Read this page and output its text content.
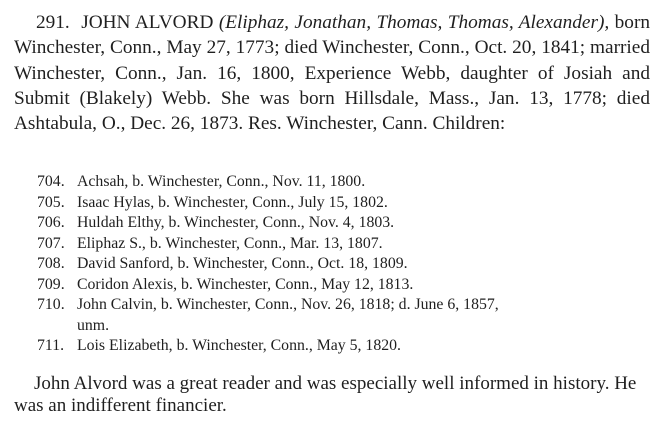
291. JOHN ALVORD (Eliphaz, Jonathan, Thomas, Thomas, Alexander), born Winchester, Conn., May 27, 1773; died Winchester, Conn., Oct. 20, 1841; married Winchester, Conn., Jan. 16, 1800, Experience Webb, daughter of Josiah and Submit (Blakely) Webb. She was born Hillsdale, Mass., Jan. 13, 1778; died Ashtabula, O., Dec. 26, 1873. Res. Winchester, Cann. Children:

704. Achsah, b. Winchester, Conn., Nov. 11, 1800.
705. Isaac Hylas, b. Winchester, Conn., July 15, 1802.
706. Huldah Elthy, b. Winchester, Conn., Nov. 4, 1803.
707. Eliphaz S., b. Winchester, Conn., Mar. 13, 1807.
708. David Sanford, b. Winchester, Conn., Oct. 18, 1809.
709. Coridon Alexis, b. Winchester, Conn., May 12, 1813.
710. John Calvin, b. Winchester, Conn., Nov. 26, 1818; d. June 6, 1857,
unm.
711. Lois Elizabeth, b. Winchester, Conn., May 5, 1820.

John Alvord was a great reader and was especially well informed in history. He was an indifferent financier.
